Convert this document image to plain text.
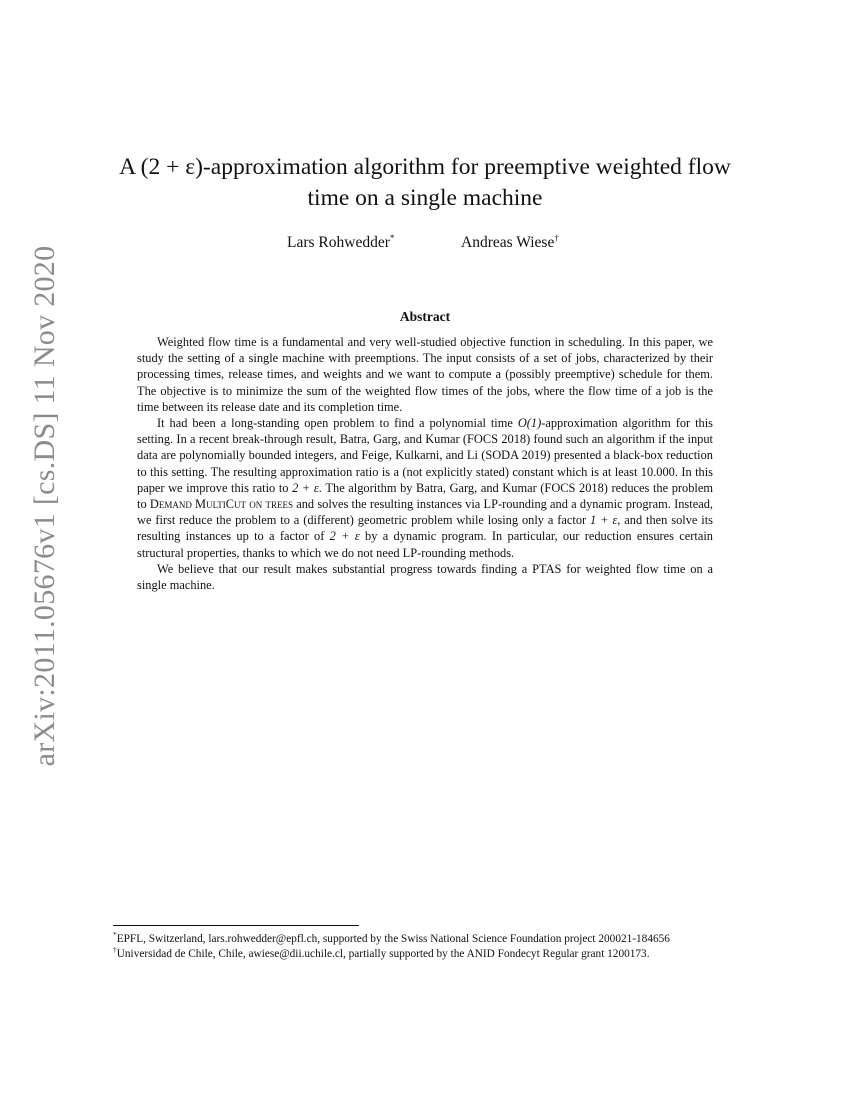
arXiv:2011.05676v1 [cs.DS] 11 Nov 2020
A (2 + ε)-approximation algorithm for preemptive weighted flow
time on a single machine
Lars Rohwedder*	Andreas Wiese†
Abstract

Weighted flow time is a fundamental and very well-studied objective function in scheduling. In this paper, we study the setting of a single machine with preemptions. The input consists of a set of jobs, characterized by their processing times, release times, and weights and we want to compute a (possibly preemptive) schedule for them. The objective is to minimize the sum of the weighted flow times of the jobs, where the flow time of a job is the time between its release date and its completion time.

It had been a long-standing open problem to find a polynomial time O(1)-approximation algorithm for this setting. In a recent break-through result, Batra, Garg, and Kumar (FOCS 2018) found such an algorithm if the input data are polynomially bounded integers, and Feige, Kulkarni, and Li (SODA 2019) presented a black-box reduction to this setting. The resulting approximation ratio is a (not explicitly stated) constant which is at least 10.000. In this paper we improve this ratio to 2 + ε. The algorithm by Batra, Garg, and Kumar (FOCS 2018) reduces the problem to Demand MultiCut on trees and solves the resulting instances via LP-rounding and a dynamic program. Instead, we first reduce the problem to a (different) geometric problem while losing only a factor 1 + ε, and then solve its resulting instances up to a factor of 2 + ε by a dynamic program. In particular, our reduction ensures certain structural properties, thanks to which we do not need LP-rounding methods.

We believe that our result makes substantial progress towards finding a PTAS for weighted flow time on a single machine.

*EPFL, Switzerland, lars.rohwedder@epfl.ch, supported by the Swiss National Science Foundation project 200021-184656
†Universidad de Chile, Chile, awiese@dii.uchile.cl, partially supported by the ANID Fondecyt Regular grant 1200173.
